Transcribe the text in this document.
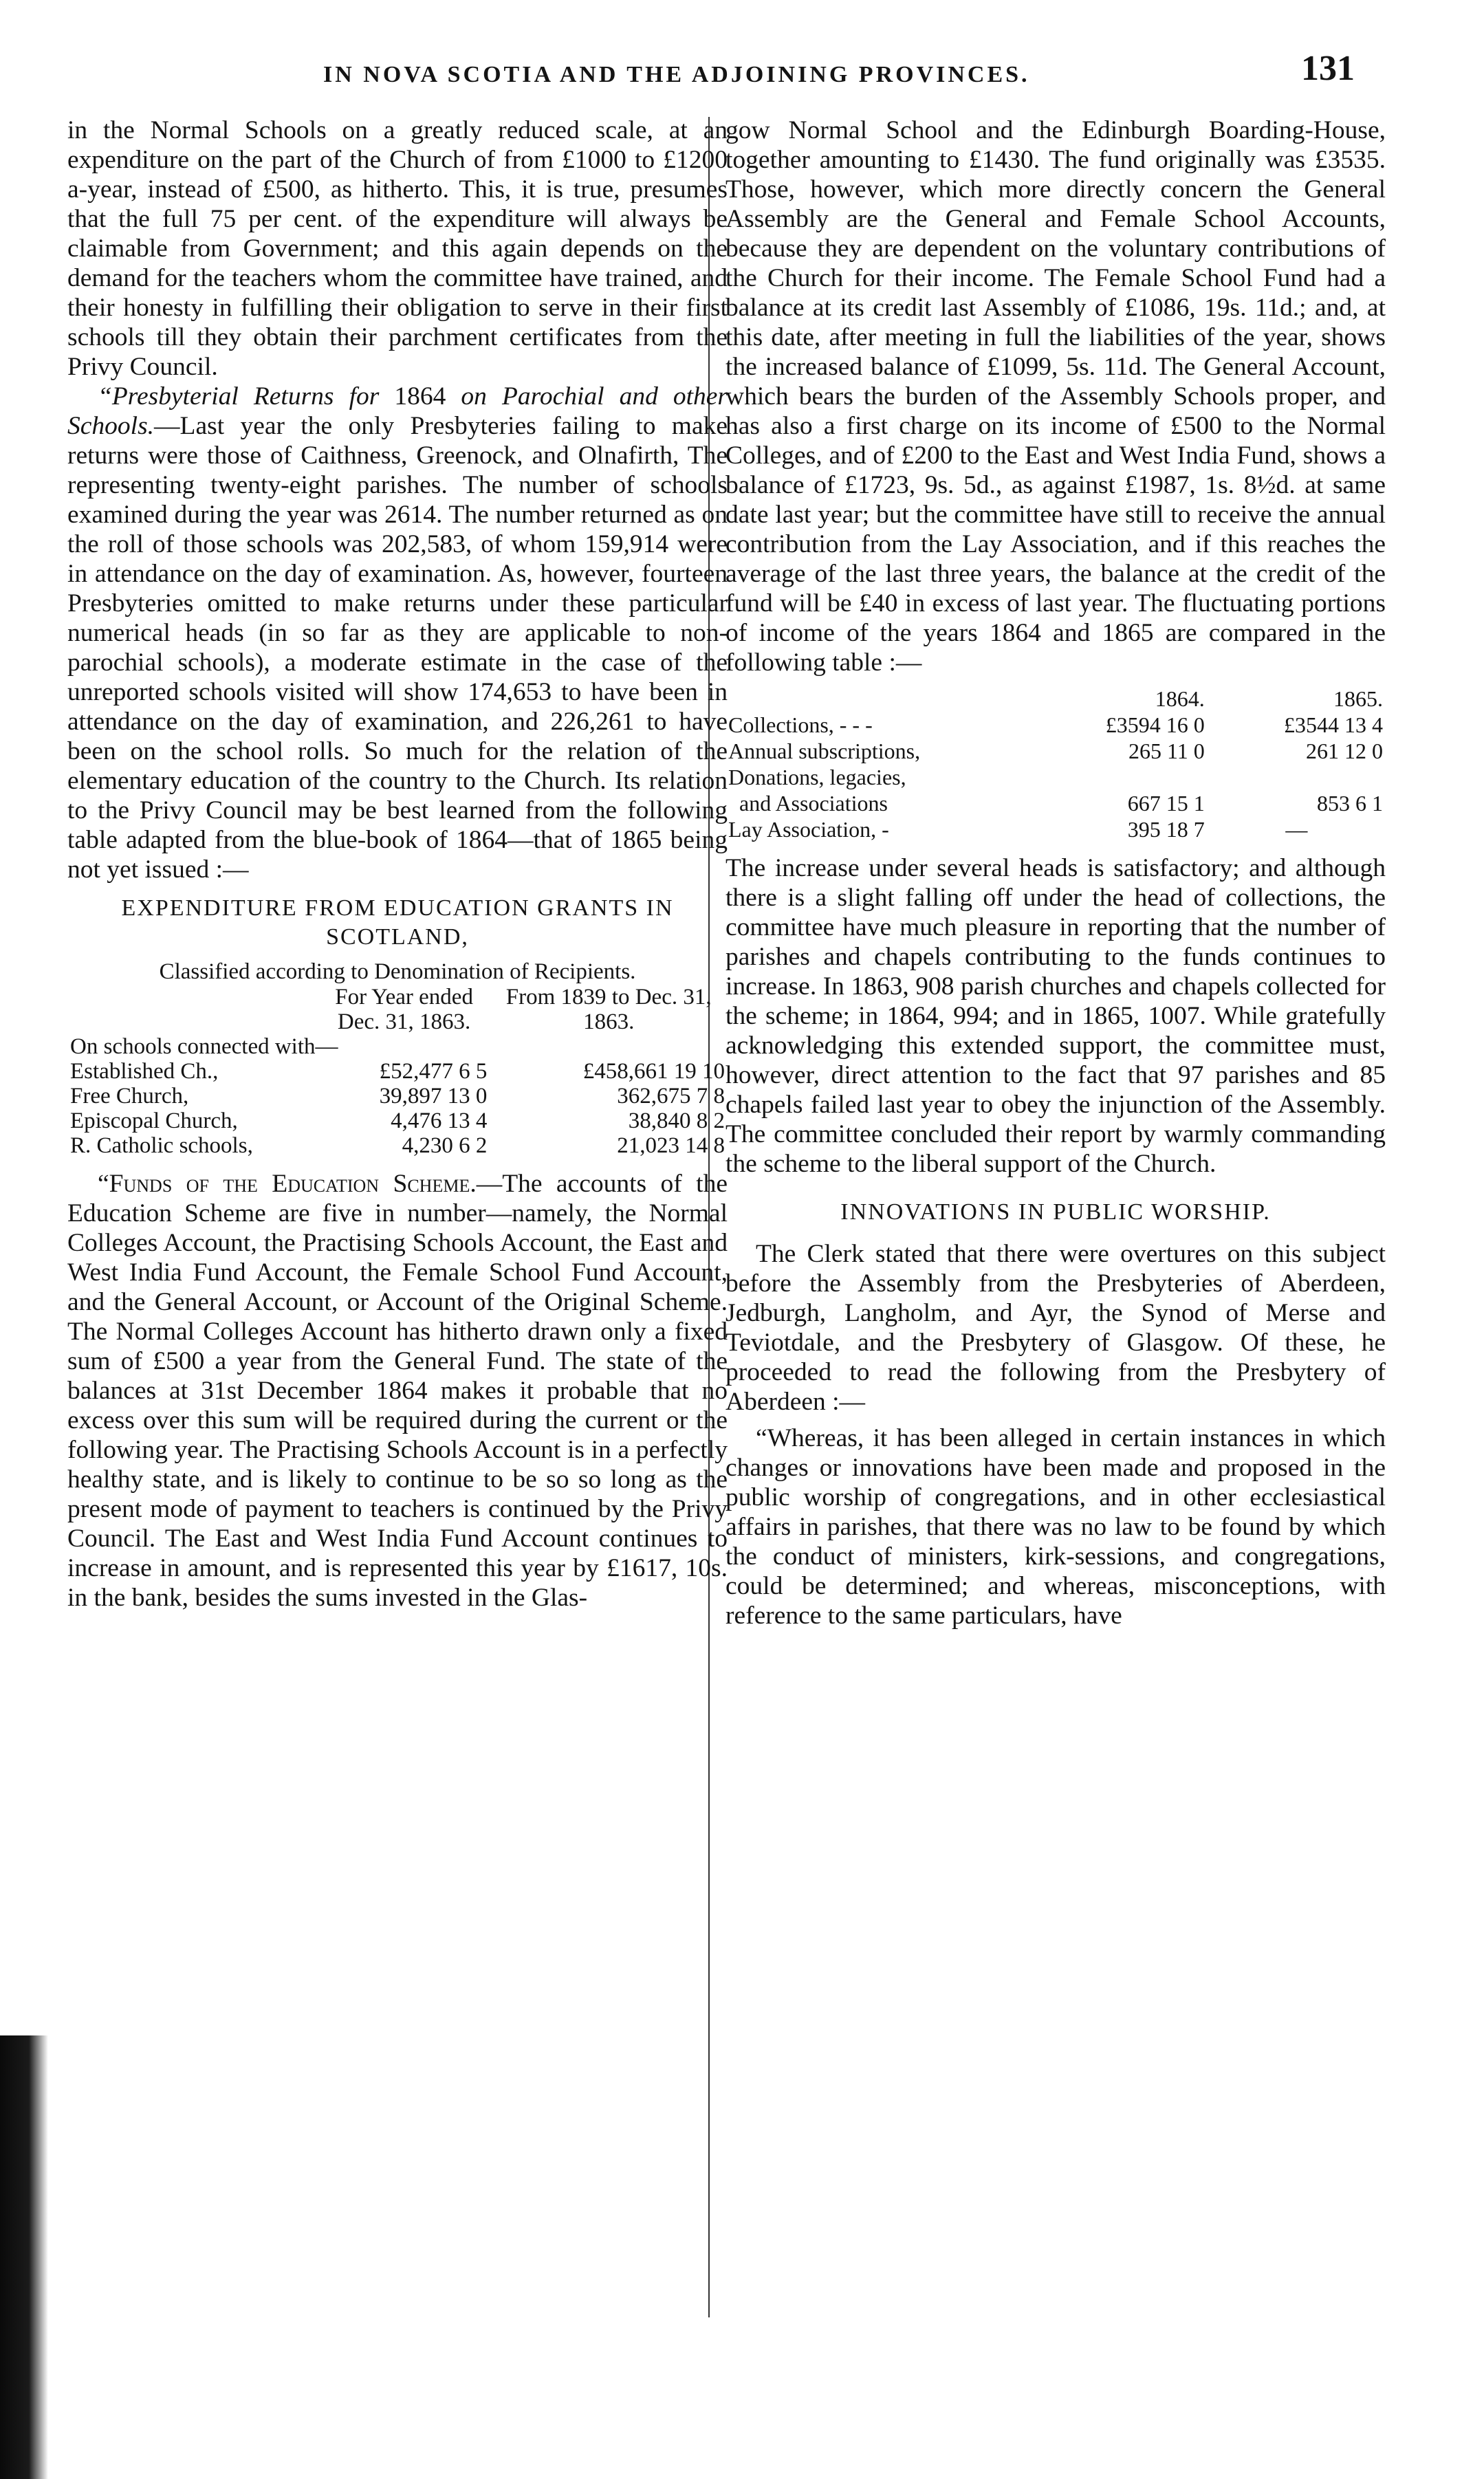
IN NOVA SCOTIA AND THE ADJOINING PROVINCES.	131

in the Normal Schools on a greatly reduced scale, at an expenditure on the part of the Church of from £1000 to £1200 a-year, instead of £500, as hitherto. This, it is true, presumes that the full 75 per cent. of the expenditure will always be claimable from Government; and this again depends on the demand for the teachers whom the committee have trained, and their honesty in fulfilling their obligation to serve in their first schools till they obtain their parchment certificates from the Privy Council.

“Presbyterial Returns for 1864 on Parochial and other Schools.—Last year the only Presbyteries failing to make returns were those of Caithness, Greenock, and Olnafirth, The representing twenty-eight parishes. The number of schools examined during the year was 2614. The number returned as on the roll of those schools was 202,583, of whom 159,914 were in attendance on the day of examination. As, however, fourteen Presbyteries omitted to make returns under these particular numerical heads (in so far as they are applicable to non-parochial schools), a moderate estimate in the case of the unreported schools visited will show 174,653 to have been in attendance on the day of examination, and 226,261 to have been on the school rolls. So much for the relation of the elementary education of the country to the Church. Its relation to the Privy Council may be best learned from the following table adapted from the blue-book of 1864—that of 1865 being not yet issued :—

EXPENDITURE FROM EDUCATION GRANTS IN SCOTLAND,
Classified according to Denomination of Recipients.
	For Year ended Dec. 31, 1863.	From 1839 to Dec. 31, 1863.
On schools connected with—		
Established Ch.,	£52,477 6 5	£458,661 19 10
Free Church,	39,897 13 0	362,675 7 8
Episcopal Church,	4,476 13 4	38,840 8 2
R. Catholic schools,	4,230 6 2	21,023 14 8

“Funds of the Education Scheme.—The accounts of the Education Scheme are five in number—namely, the Normal Colleges Account, the Practising Schools Account, the East and West India Fund Account, the Female School Fund Account, and the General Account, or Account of the Original Scheme. The Normal Colleges Account has hitherto drawn only a fixed sum of £500 a year from the General Fund. The state of the balances at 31st December 1864 makes it probable that no excess over this sum will be required during the current or the following year. The Practising Schools Account is in a perfectly healthy state, and is likely to continue to be so so long as the present mode of payment to teachers is continued by the Privy Council. The East and West India Fund Account continues to increase in amount, and is represented this year by £1617, 10s. in the bank, besides the sums invested in the Glas-

gow Normal School and the Edinburgh Boarding-House, together amounting to £1430. The fund originally was £3535. Those, however, which more directly concern the General Assembly are the General and Female School Accounts, because they are dependent on the voluntary contributions of the Church for their income. The Female School Fund had a balance at its credit last Assembly of £1086, 19s. 11d.; and, at this date, after meeting in full the liabilities of the year, shows the increased balance of £1099, 5s. 11d. The General Account, which bears the burden of the Assembly Schools proper, and has also a first charge on its income of £500 to the Normal Colleges, and of £200 to the East and West India Fund, shows a balance of £1723, 9s. 5d., as against £1987, 1s. 8½d. at same date last year; but the committee have still to receive the annual contribution from the Lay Association, and if this reaches the average of the last three years, the balance at the credit of the fund will be £40 in excess of last year. The fluctuating portions of income of the years 1864 and 1865 are compared in the following table :—

	1864.	1865.
Collections, - - -	£3594 16 0	£3544 13 4
Annual subscriptions,	265 11 0	261 12 0
Donations, legacies,		
and Associations	667 15 1	853 6 1
Lay Association, -	395 18 7	—

The increase under several heads is satisfactory; and although there is a slight falling off under the head of collections, the committee have much pleasure in reporting that the number of parishes and chapels contributing to the funds continues to increase. In 1863, 908 parish churches and chapels collected for the scheme; in 1864, 994; and in 1865, 1007. While gratefully acknowledging this extended support, the committee must, however, direct attention to the fact that 97 parishes and 85 chapels failed last year to obey the injunction of the Assembly. The committee concluded their report by warmly commanding the scheme to the liberal support of the Church.

INNOVATIONS IN PUBLIC WORSHIP.

The Clerk stated that there were overtures on this subject before the Assembly from the Presbyteries of Aberdeen, Jedburgh, Langholm, and Ayr, the Synod of Merse and Teviotdale, and the Presbytery of Glasgow. Of these, he proceeded to read the following from the Presbytery of Aberdeen :—

“Whereas, it has been alleged in certain instances in which changes or innovations have been made and proposed in the public worship of congregations, and in other ecclesiastical affairs in parishes, that there was no law to be found by which the conduct of ministers, kirk-sessions, and congregations, could be determined; and whereas, misconceptions, with reference to the same particulars, have
